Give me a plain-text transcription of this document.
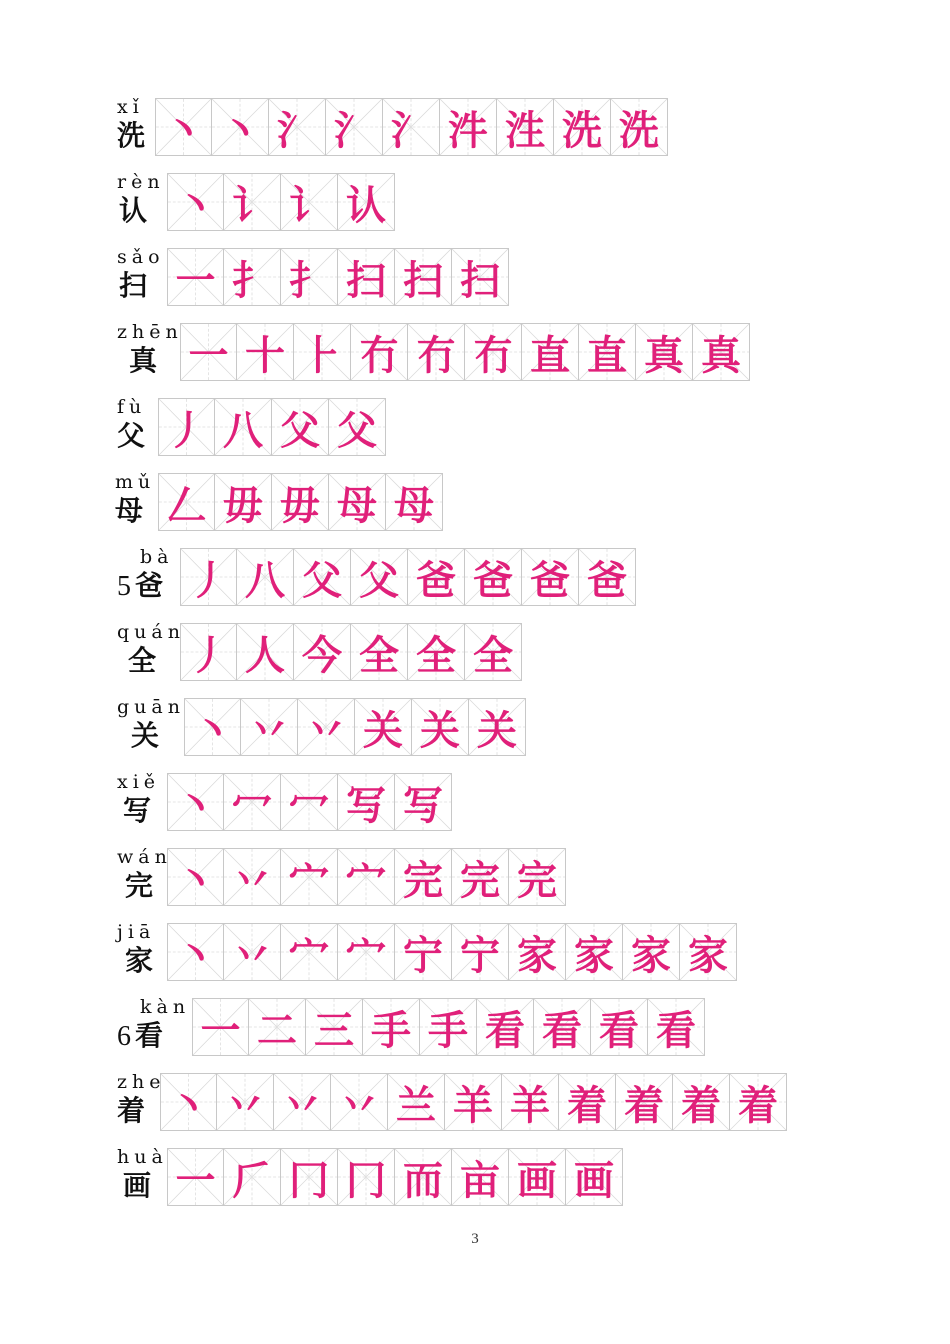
xǐ
洗 丶 丶 氵 氵 氵 汼 泩 洗 洗
rèn
认 丶 讠 讠 认
sǎo
扫 一 扌 扌 扫 扫 扫
zhēn
真 一 十 ⺊ 冇 冇 冇 直 直 真 真
fù
父 丿 八 父 父
mǔ
母 𠃋 毋 毋 母 母
bà
5 爸 丿 八 父 父 爸 爸 爸 爸
quán
全 丿 人 今 全 全 全
guān
关 丶 丷 丷 关 关 关
xiě
写 丶 冖 冖 写 写
wán
完 丶 丷 宀 宀 完 完 完
jiā
家 丶 丷 宀 宀 宁 宁 家 家 家 家
kàn
6 看 一 二 三 手 手 看 看 看 看
zhe
着 丶 丷 丷 丷 兰 羊 羊 着 着 着 着
huà
画 一 𠂆 冂 冂 而 亩 画 画
3
